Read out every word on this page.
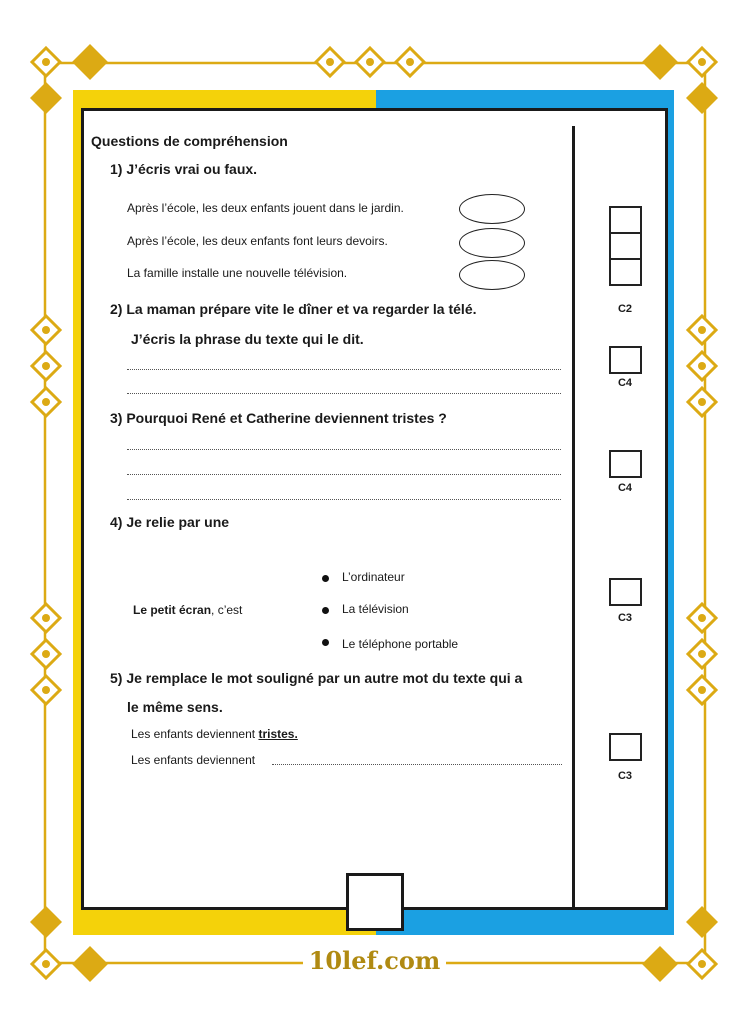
Questions de compréhension
1) J’écris vrai ou faux.
Après l’école, les deux enfants jouent dans le jardin.
Après l’école, les deux enfants font leurs devoirs.
La famille installe une nouvelle télévision.
C2
2) La maman prépare vite le dîner et va regarder la télé.
J’écris la phrase du texte qui le dit.
C4
3) Pourquoi René et Catherine deviennent tristes ?
C4
4) Je relie par une
Le petit écran, c’est
L’ordinateur
La télévision
Le téléphone portable
C3
5) Je remplace le mot souligné par un autre mot du texte qui a
le même sens.
Les enfants deviennent tristes.
Les enfants deviennent
C3
10lef.com
